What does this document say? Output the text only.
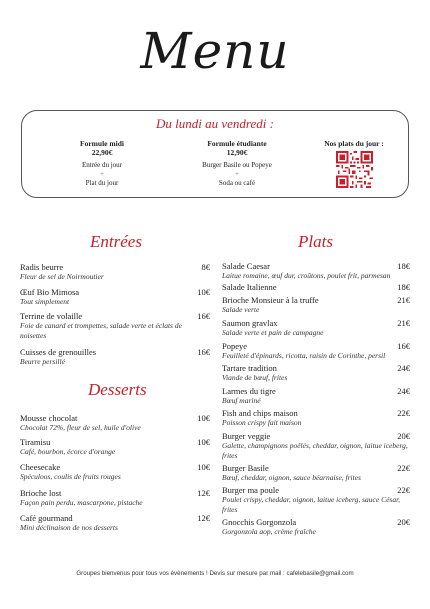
Menu
Du lundi au vendredi :
Formule midi
22,90€
Entrée du jour
+
Plat du jour
Formule étudiante
12,90€
Burger Basile ou Popeye
+
Soda ou café
Nos plats du jour :
Entrées
Desserts
Plats
Radis beurre	8€
Fleur de sel de Noirmoutier
Œuf Bio Mimosa	10€
Tout simplement
Terrine de volaille	16€
Foie de canard et trompettes, salade verte et éclats de noisettes
Cuisses de grenouilles	16€
Beurre persillé
Mousse chocolat	10€
Chocolat 72%, fleur de sel, huile d'olive
Tiramisu	10€
Café, bourbon, écorce d'orange
Cheesecake	10€
Spéculoos, coulis de fruits rouges
Brioche lost	12€
Façon pain perdu, mascarpone, pistache
Café gourmand	12€
Mini déclinaison de nos desserts
Salade Caesar	18€
Laitue romaine, œuf dur, croûtons, poulet frit, parmesan
Salade Italienne	18€
Brioche Monsieur à la truffe	21€
Salade verte
Saumon gravlax	21€
Salade verte et pain de campagne
Popeye	16€
Feuilleté d'épinards, ricotta, raisin de Corinthe, persil
Tartare tradition	24€
Viande de bœuf, frites
Larmes du tigre	24€
Bœuf mariné
Fish and chips maison	22€
Poisson crispy fait maison
Burger veggie	20€
Galette, champignons poêlés, cheddar, oignon, laitue iceberg, frites
Burger Basile	22€
Bœuf, cheddar, oignon, sauce béarnaise, frites
Burger ma poule	22€
Poulet crispy, cheddar, oignon, laitue iceberg, sauce César, frites
Gnocchis Gorgonzola	20€
Gorgonzola aop, crème fraîche
Groupes bienvenus pour tous vos évènements ! Devis sur mesure par mail : cafelebasile@gmail.com
